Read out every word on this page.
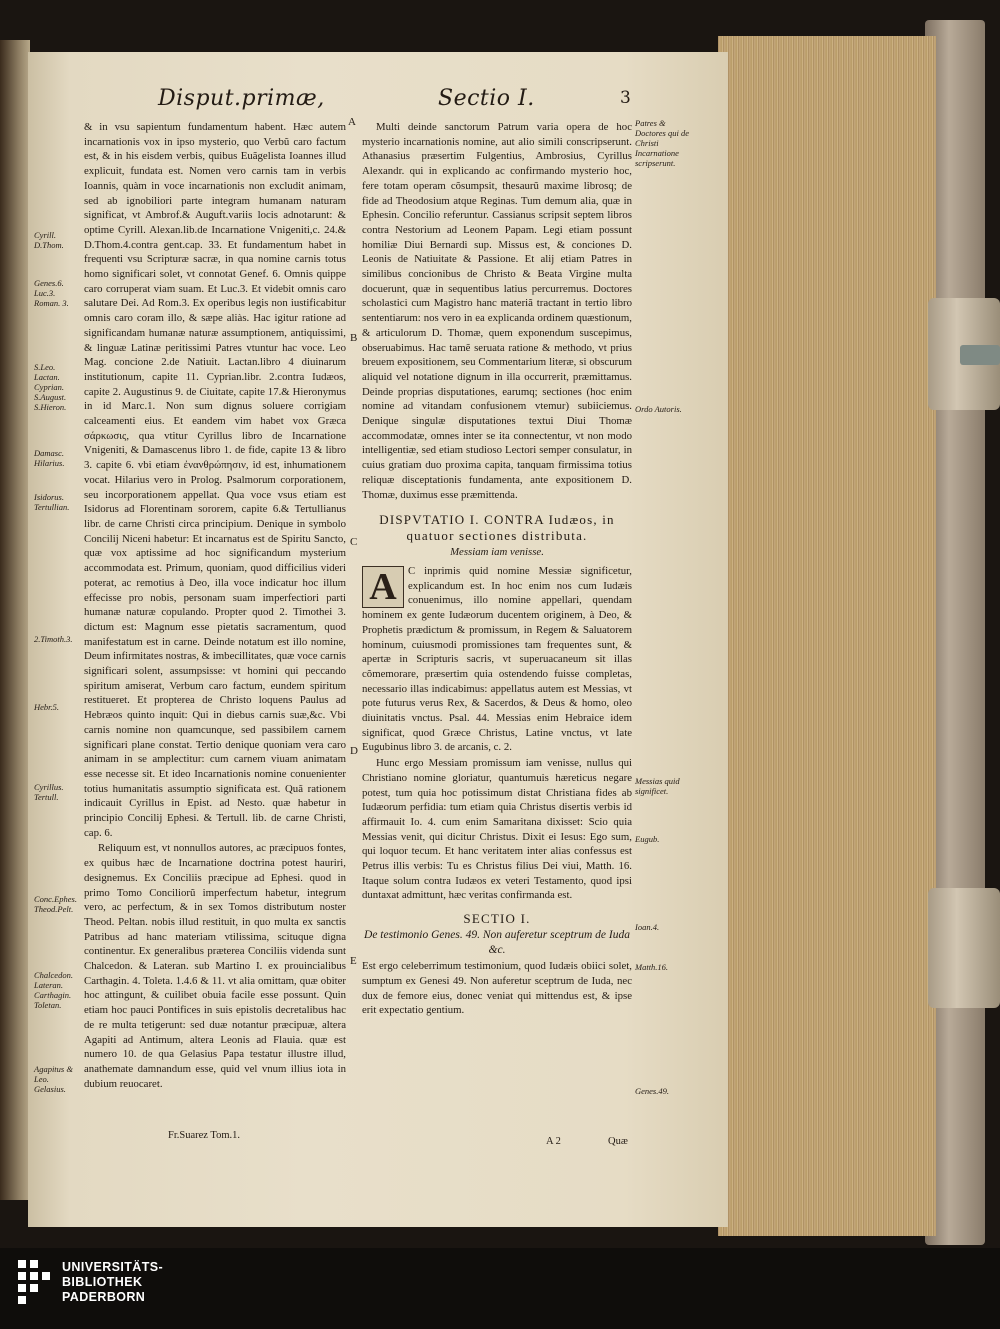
Disput.primæ,	Sectio I.	3
Cyrill. D.Thom.
Genes.6. Luc.3. Roman. 3.
S.Leo. Lactan. Cyprian. S.August. S.Hieron.
Damasc. Hilarius.
Isidorus. Tertullian.
2.Timoth.3.
Hebr.5.
Cyrillus. Tertull.
Conc.Ephes. Theod.Pelt.
Chalcedon. Lateran. Carthagin. Toletan.
Agapitus & Leo. Gelasius.

& in vsu sapientum fundamentum habent. Hæc autem incarnationis vox in ipso mysterio, quo Verbũ caro factum est, & in his eisdem verbis, quibus Euãgelista Ioannes illud explicuit, fundata est. Nomen vero carnis tam in verbis Ioannis, quàm in voce incarnationis non excludit animam, sed ab ignobiliori parte integram humanam naturam significat, vt Ambrof.& Auguft.variis locis adnotarunt: & optime Cyrill. Alexan.lib.de Incarnatione Vnigeniti,c. 24.& D.Thom.4.contra gent.cap. 33. Et fundamentum habet in frequenti vsu Scripturæ sacræ, in qua nomine carnis totus homo significari solet, vt connotat Genef. 6. Omnis quippe caro corruperat viam suam. Et Luc.3. Et videbit omnis caro salutare Dei. Ad Rom.3. Ex operibus legis non iustificabitur omnis caro coram illo, & sæpe aliàs. Hac igitur ratione ad significandam humanæ naturæ assumptionem, antiquissimi, & linguæ Latinæ peritissimi Patres vtuntur hac voce. Leo Mag. concione 2.de Natiuit. Lactan.libro 4 diuinarum institutionum, capite 11. Cyprian.libr. 2.contra Iudæos, capite 2. Augustinus 9. de Ciuitate, capite 17.& Hieronymus in id Marc.1. Non sum dignus soluere corrigiam calceamenti eius. Et eandem vim habet vox Græca σάρκωσις, qua vtitur Cyrillus libro de Incarnatione Vnigeniti, & Damascenus libro 1. de fide, capite 13 & libro 3. capite 6. vbi etiam ἐνανθρώπησιν, id est, inhumationem vocat. Hilarius vero in Prolog. Psalmorum corporationem, seu incorporationem appellat. Qua voce vsus etiam est Isidorus ad Florentinam sororem, capite 6.& Tertullianus libr. de carne Christi circa principium. Denique in symbolo Concilij Niceni habetur: Et incarnatus est de Spiritu Sancto, quæ vox aptissime ad hoc significandum mysterium accommodata est. Primum, quoniam, quod difficilius videri poterat, ac remotius à Deo, illa voce indicatur hoc illum effecisse pro nobis, personam suam imperfectiori parti humanæ naturæ copulando. Propter quod 2. Timothei 3. dictum est: Magnum esse pietatis sacramentum, quod manifestatum est in carne. Deinde notatum est illo nomine, Deum infirmitates nostras, & imbecillitates, quæ voce carnis significari solent, assumpsisse: vt homini qui peccando spiritum amiserat, Verbum caro factum, eundem spiritum restitueret. Et propterea de Christo loquens Paulus ad Hebræos quinto inquit: Qui in diebus carnis suæ,&c. Vbi carnis nomine non quamcunque, sed passibilem carnem significari plane constat. Tertio denique quoniam vera caro animam in se amplectitur: cum carnem viuam animatam esse necesse sit. Et ideo Incarnationis nomine conuenienter totius humanitatis assumptio significata est. Quã rationem indicauit Cyrillus in Epist. ad Nesto. quæ habetur in principio Concilij Ephesi. & Tertull. lib. de carne Christi, cap. 6.

Reliquum est, vt nonnullos autores, ac præcipuos fontes, ex quibus hæc de Incarnatione doctrina potest hauriri, designemus. Ex Conciliis præcipue ad Ephesi. quod in primo Tomo Conciliorũ imperfectum habetur, integrum vero, ac perfectum, & in sex Tomos distributum noster Theod. Peltan. nobis illud restituit, in quo multa ex sanctis Patribus ad hanc materiam vtilissima, scituque digna continentur. Ex generalibus præterea Conciliis videnda sunt Chalcedon. & Lateran. sub Martino I. ex prouincialibus Carthagin. 4. Toleta. 1.4.6 & 11. vt alia omittam, quæ obiter hoc attingunt, & cuilibet obuia facile esse possunt. Quin etiam hoc pauci Pontifices in suis epistolis decretalibus hac de re multa tetigerunt: sed duæ notantur præcipuæ, altera Agapiti ad Antimum, altera Leonis ad Flauia. quæ est numero 10. de qua Gelasius Papa testatur illustre illud, anathemate damnandum esse, quid vel vnum illius iota in dubium reuocaret.

Fr.Suarez Tom.1.
A
B
C
D
E

Multi deinde sanctorum Patrum varia opera de hoc mysterio incarnationis nomine, aut alio simili conscripserunt. Athanasius præsertim Fulgentius, Ambrosius, Cyrillus Alexandr. qui in explicando ac confirmando mysterio hoc, fere totam operam cõsumpsit, thesaurũ maxime librosq; de fide ad Theodosium atque Reginas. Tum demum alia, quæ in Ephesin. Concilio referuntur. Cassianus scripsit septem libros contra Nestorium ad Leonem Papam. Legi etiam possunt homiliæ Diui Bernardi sup. Missus est, & conciones D. Leonis de Natiuitate & Passione. Et alij etiam Patres in similibus concionibus de Christo & Beata Virgine multa docuerunt, quæ in sequentibus latius percurremus. Doctores scholastici cum Magistro hanc materiã tractant in tertio libro sententiarum: nos vero in ea explicanda ordinem quæstionum, & articulorum D. Thomæ, quem exponendum suscepimus, obseruabimus. Hac tamẽ seruata ratione & methodo, vt prius breuem expositionem, seu Commentarium literæ, si obscurum aliquid vel notatione dignum in illa occurrerit, præmittamus. Deinde proprias disputationes, earumq; sectiones (hoc enim nomine ad vitandam confusionem vtemur) subiiciemus. Denique singulæ disputationes textui Diui Thomæ accommodatæ, omnes inter se ita connectentur, vt non modo intelligentiæ, sed etiam studioso Lectori semper consulatur, in cuius gratiam duo proxima capita, tanquam firmissima totius reliquæ disceptationis fundamenta, ante expositionem D. Thomæ, duximus esse præmittenda.

DISPVTATIO I. CONTRA Iudæos, in quatuor sectiones distributa.

Messiam iam venisse.

A	C inprimis quid nomine Messiæ significetur, explicandum est. In hoc enim nos cum Iudæis conuenimus, illo nomine appellari, quendam hominem ex gente Iudæorum ducentem originem, à Deo, & Prophetis prædictum & promissum, in Regem & Saluatorem hominum, cuiusmodi promissiones tam frequentes sunt, & apertæ in Scripturis sacris, vt superuacaneum sit illas cõmemorare, præsertim quia ostendendo fuisse completas, necessario illas indicabimus: appellatus autem est Messias, vt pote futurus verus Rex, & Sacerdos, & Deus & homo, oleo diuinitatis vnctus. Psal. 44. Messias enim Hebraice idem significat, quod Græce Christus, Latine vnctus, vt late Eugubinus libro 3. de arcanis, c. 2.

Hunc ergo Messiam promissum iam venisse, nullus qui Christiano nomine gloriatur, quantumuis hæreticus negare potest, tum quia hoc potissimum distat Christiana fides ab Iudæorum perfidia: tum etiam quia Christus disertis verbis id affirmauit Io. 4. cum enim Samaritana dixisset: Scio quia Messias venit, qui dicitur Christus. Dixit ei Iesus: Ego sum, qui loquor tecum. Et hanc veritatem inter alias confessus est Petrus illis verbis: Tu es Christus filius Dei viui, Matth. 16. Itaque solum contra Iudæos ex veteri Testamento, quod ipsi duntaxat admittunt, hæc veritas confirmanda est.

SECTIO I.

De testimonio Genes. 49. Non auferetur sceptrum de Iuda &c.

Est ergo celeberrimum testimonium, quod Iudæis obiici solet, sumptum ex Genesi 49. Non auferetur sceptrum de Iuda, nec dux de femore eius, donec veniat qui mittendus est, & ipse erit expectatio gentium.

A 2	Quæ
Patres & Doctores qui de Christi Incarnatione scripserunt.
Ordo Autoris.
Messias quid significet.
Eugub.
Ioan.4.
Matth.16.
Genes.49.
UNIVERSITÄTS-
BIBLIOTHEK
PADERBORN
